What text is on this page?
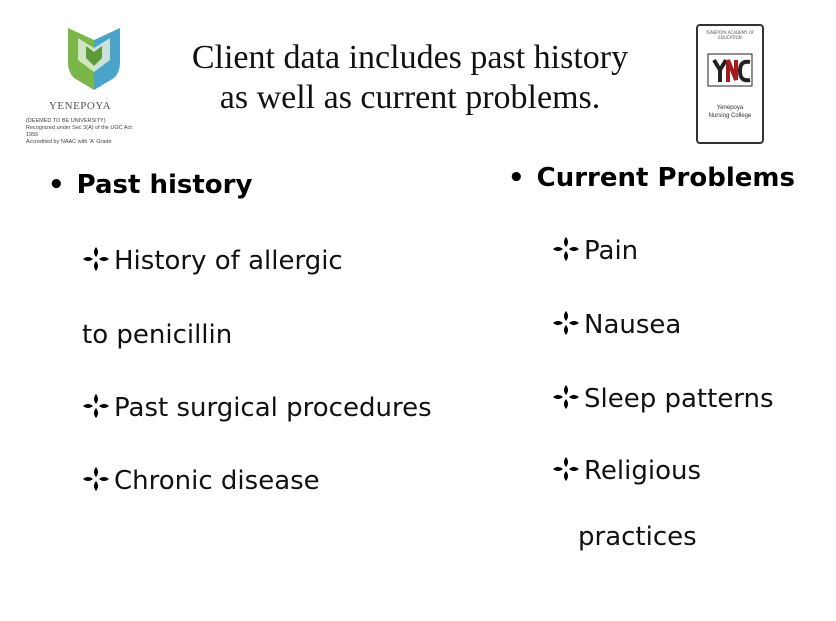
YENEPOYA
(DEEMED TO BE UNIVERSITY)
Recognized under Sec 3(A) of the UGC Act 1956
Accredited by NAAC with 'A' Grade
Client data includes past history
as well as current problems.
YENEPOYA ACADEMY OF EDUCATION
Yenepoya
Nursing College
• Past history	• Current Problems
History of allergic
to penicillin
Past surgical procedures
Chronic disease
Pain
Nausea
Sleep patterns
Religious
practices
